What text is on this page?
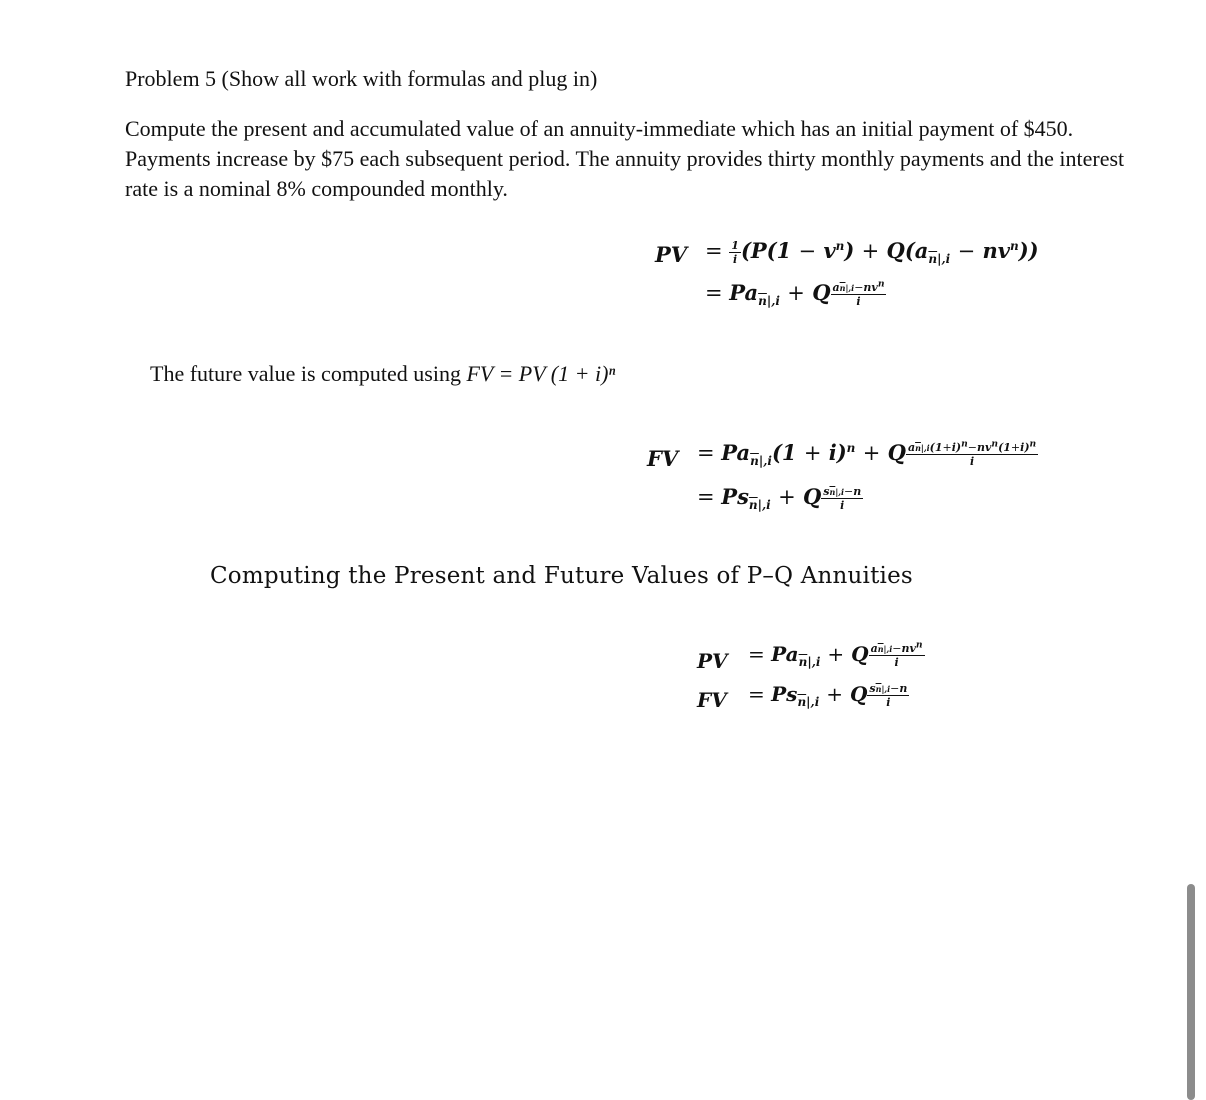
Problem 5 (Show all work with formulas and plug in)
Compute the present and accumulated value of an annuity-immediate which has an initial payment of $450. Payments increase by $75 each subsequent period. The annuity provides thirty monthly payments and the interest rate is a nominal 8% compounded monthly.
PV = $\frac{1}{i} (P(1 - v^n) + Q(a_{\overline{n}|,i} - nv^n))$
= $Pa_{\overline{n}|,i} + Q \frac{a\overline{n}|,i-nv^n}{i}$
The future value is computed using FV = PV (1 + i)ⁿ
FV = $Pa_{\overline{n}|,i}(1 + i)^n + Q \frac{a\overline{n}|,i(1+i)^n-nv^n(1+i)^n}{i}$
= $Ps_{\overline{n}|,i} + Q \frac{s\overline{n}|,i-n}{i}$
Computing the Present and Future Values of P–Q Annuities
PV = $Pa_{\overline{n}|,i} + Q \frac{a\overline{n}|,i-nv^n}{i}$
FV = $Ps_{\overline{n}|,i} + Q \frac{s\overline{n}|,i-n}{i}$
